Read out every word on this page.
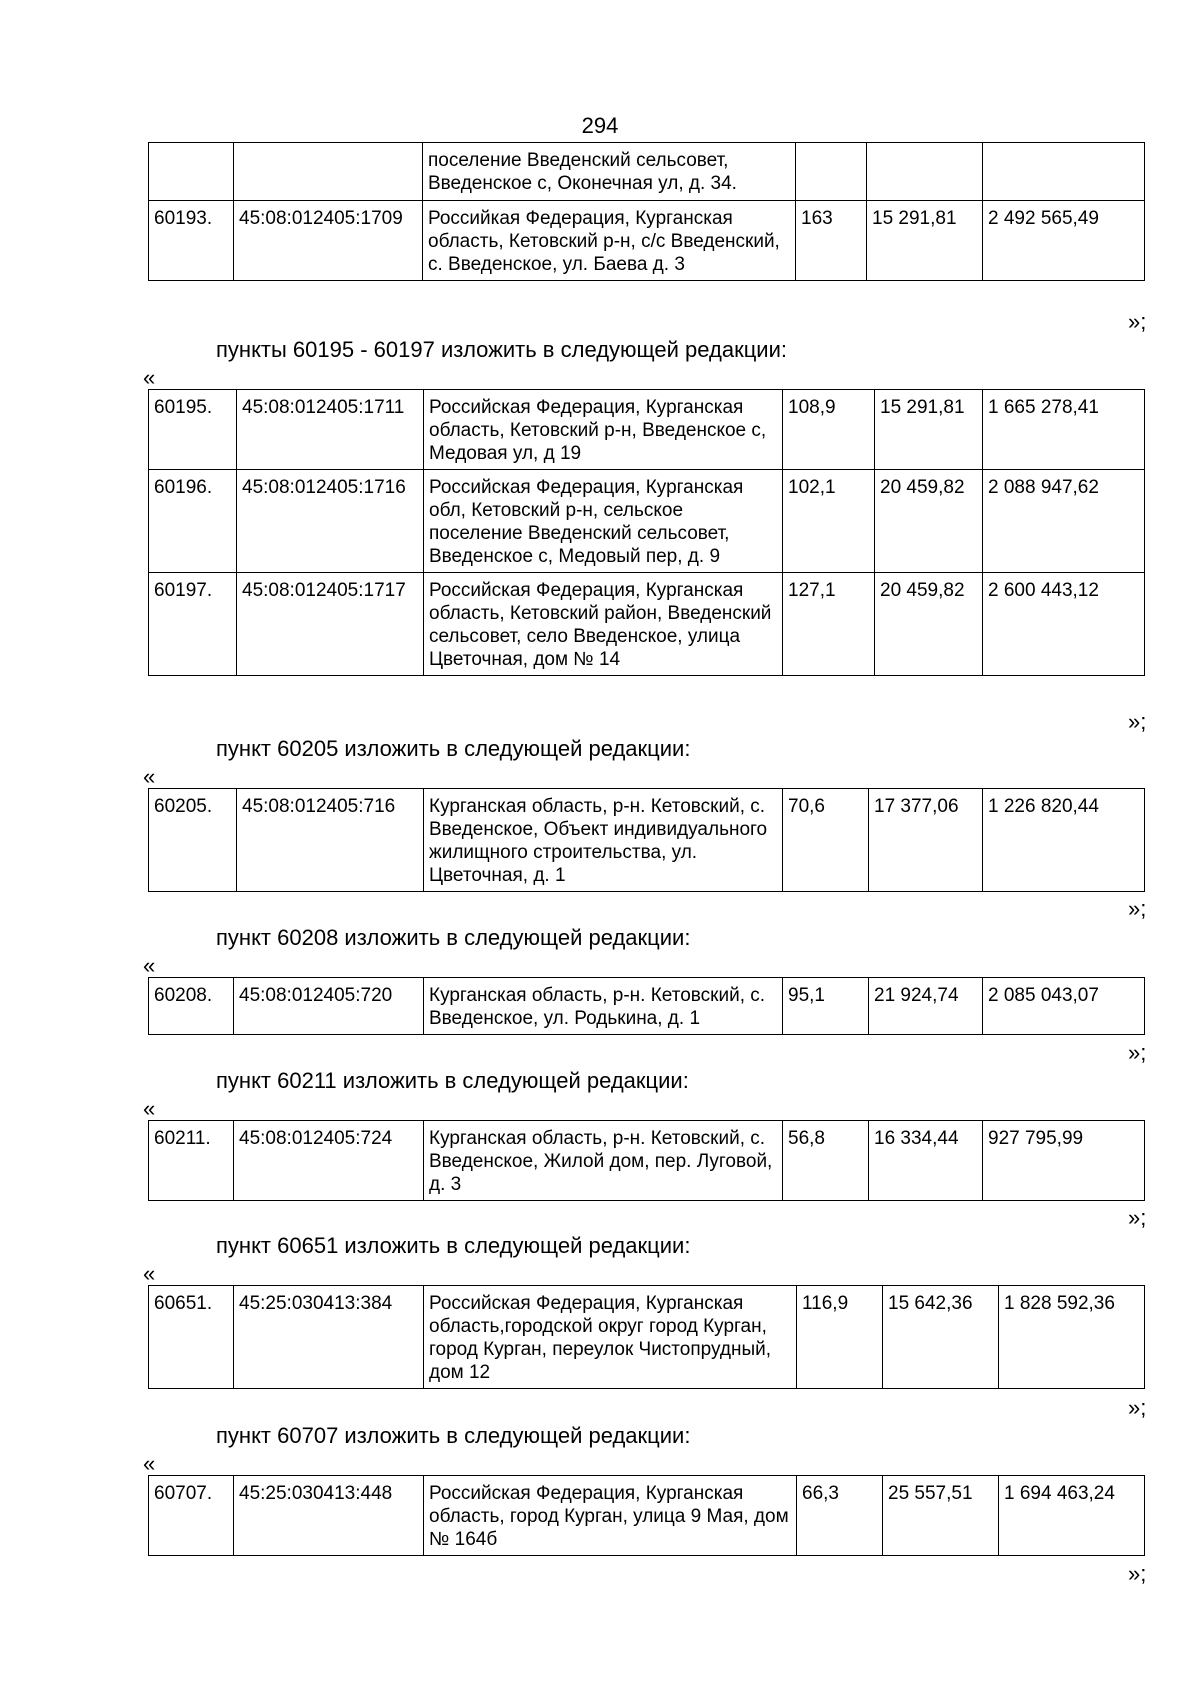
294
		поселение Введенский сельсовет, Введенское с, Оконечная ул, д. 34.			
60193.	45:08:012405:1709	Российкая Федерация, Курганская область, Кетовский р-н, с/с Введенский, с. Введенское, ул. Баева д. 3	163	15 291,81	2 492 565,49
»;
пункты 60195 - 60197 изложить в следующей редакции:
«
60195.	45:08:012405:1711	Российская Федерация, Курганская область, Кетовский р-н, Введенское с, Медовая ул, д 19	108,9	15 291,81	1 665 278,41
60196.	45:08:012405:1716	Российская Федерация, Курганская обл, Кетовский р-н, сельское поселение Введенский сельсовет, Введенское с, Медовый пер, д. 9	102,1	20 459,82	2 088 947,62
60197.	45:08:012405:1717	Российская Федерация, Курганская область, Кетовский район, Введенский сельсовет, село Введенское, улица Цветочная, дом № 14	127,1	20 459,82	2 600 443,12
»;
пункт 60205 изложить в следующей редакции:
«
60205.	45:08:012405:716	Курганская область, р-н. Кетовский, с. Введенское, Объект индивидуального жилищного строительства, ул. Цветочная, д. 1	70,6	17 377,06	1 226 820,44
»;
пункт 60208 изложить в следующей редакции:
«
60208.	45:08:012405:720	Курганская область, р-н. Кетовский, с. Введенское, ул. Родькина, д. 1	95,1	21 924,74	2 085 043,07
»;
пункт 60211 изложить в следующей редакции:
«
60211.	45:08:012405:724	Курганская область, р-н. Кетовский, с. Введенское, Жилой дом, пер. Луговой, д. 3	56,8	16 334,44	927 795,99
»;
пункт 60651 изложить в следующей редакции:
«
60651.	45:25:030413:384	Российская Федерация, Курганская область,городской округ город Курган, город Курган, переулок Чистопрудный, дом 12	116,9	15 642,36	1 828 592,36
»;
пункт 60707 изложить в следующей редакции:
«
60707.	45:25:030413:448	Российская Федерация, Курганская область, город Курган, улица 9 Мая, дом № 164б	66,3	25 557,51	1 694 463,24
»;
